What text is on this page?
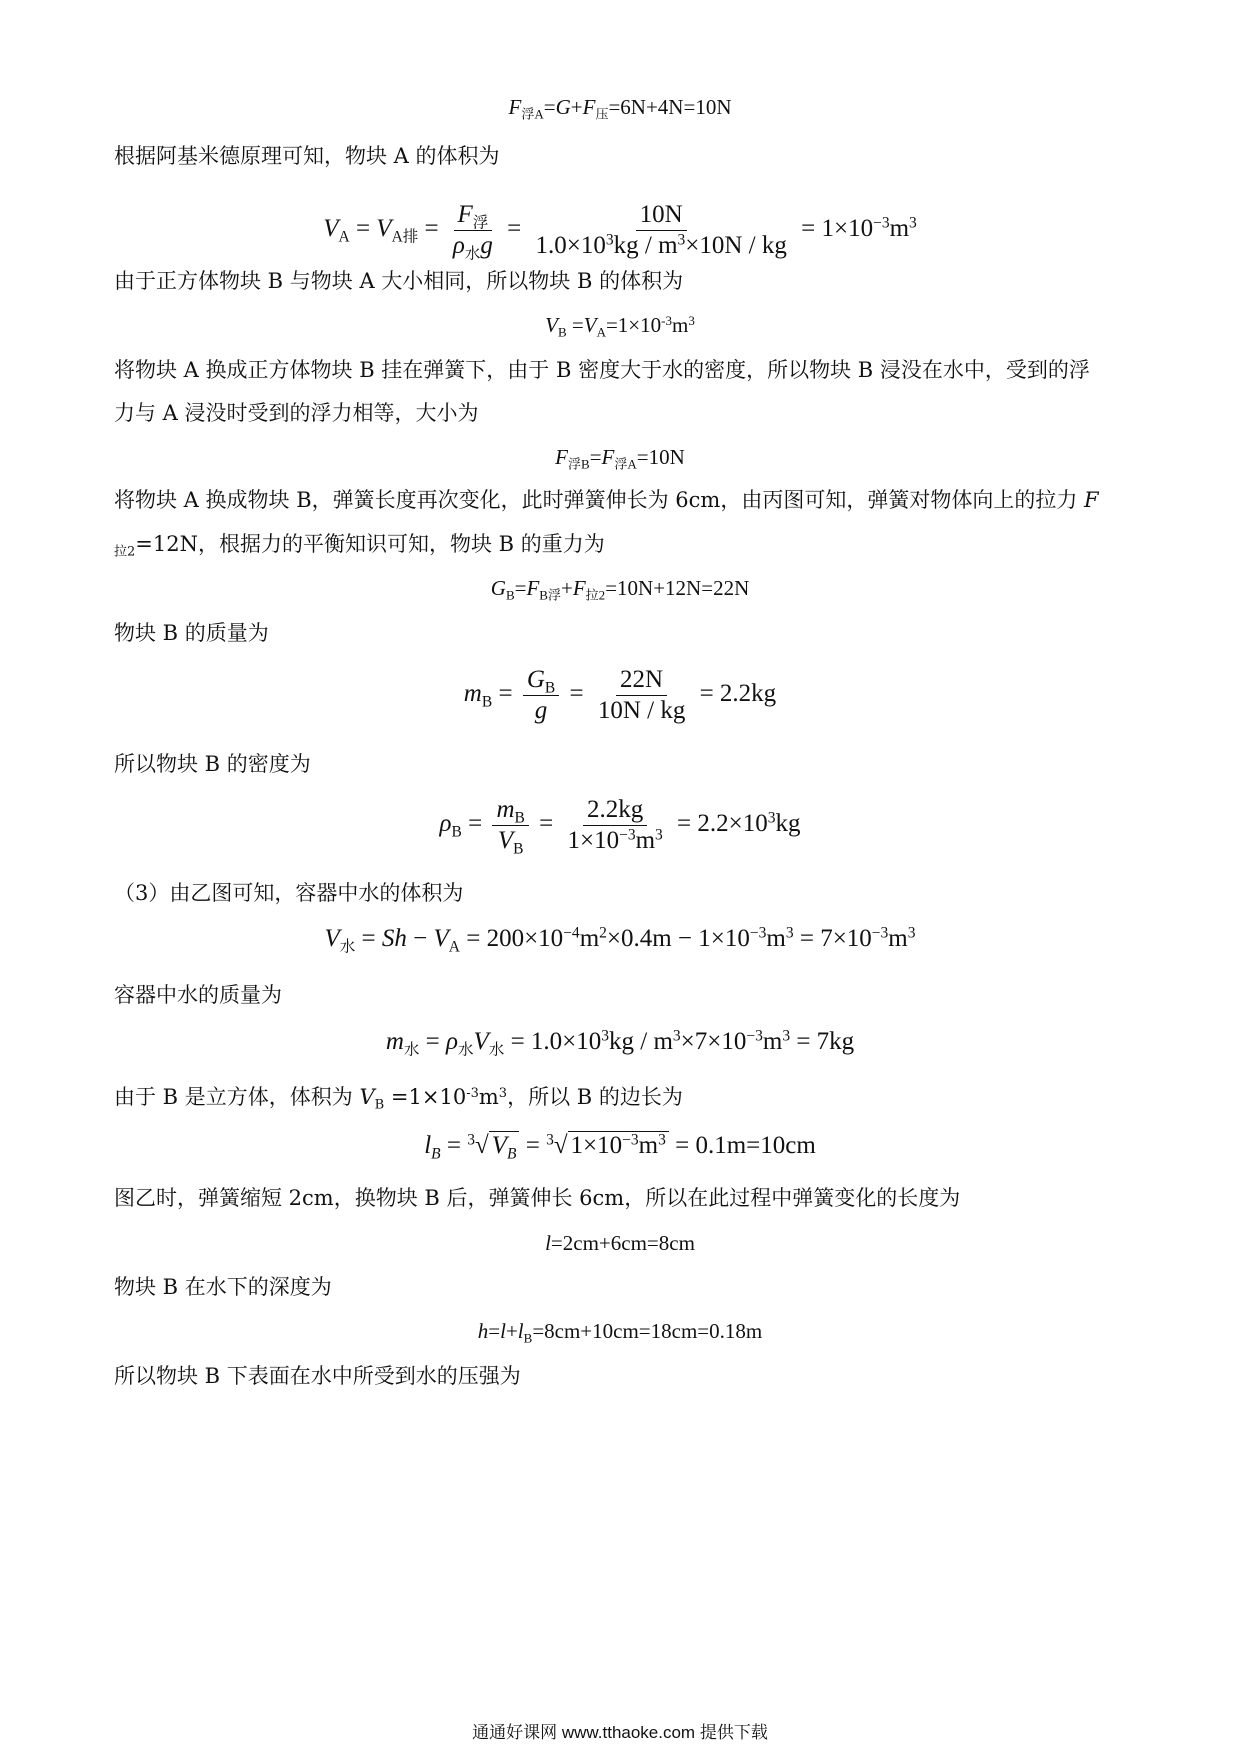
$F_{浮A}=G+F_压=6N+4N=10N$
根据阿基米德原理可知，物块 A 的体积为
$V_A = V_{A排} = \frac{F_浮}{\rho_水g} = \frac{10N}{1.0\times 10^3kg / m^3\times 10N / kg} = 1\times 10^{-3}m^3$
由于正方体物块 B 与物块 A 大小相同，所以物块 B 的体积为
$V_B =V_A=1\times 10^{-3}m^3$
将物块 A 换成正方体物块 B 挂在弹簧下，由于 B 密度大于水的密度，所以物块 B 浸没在水中，受到的浮
力与 A 浸没时受到的浮力相等，大小为
$F_{浮B}=F_{浮A}=10N$
将物块 A 换成物块 B，弹簧长度再次变化，此时弹簧伸长为 6cm，由丙图可知，弹簧对物体向上的拉力 F
$_{拉2}$=12N，根据力的平衡知识可知，物块 B 的重力为
$G_B=F_{B浮}+F_{拉2}=10N+12N=22N$
物块 B 的质量为
$m_B = \frac{G_B}{g} = \frac{22N}{10N / kg} = 2.2kg$
所以物块 B 的密度为
$\rho_B = \frac{m_B}{V_B} = \frac{2.2kg}{1\times 10^{-3}m^3} = 2.2\times 10^3kg$
（3）由乙图可知，容器中水的体积为
$V_水 = Sh - V_A = 200\times 10^{-4}m^2\times 0.4m - 1\times 10^{-3}m^3 = 7\times 10^{-3}m^3$
容器中水的质量为
$m_水 = \rho_水V_水 = 1.0\times 10^3kg / m^3\times 7\times 10^{-3}m^3 = 7kg$
由于 B 是立方体，体积为 $V_B =1\times 10^{-3}m^3$，所以 B 的边长为
$l_B = ^3√$ $V_B = ^3√$ $1\times 10^{-3}m^3 = 0.1m=10cm$
图乙时，弹簧缩短 2cm，换物块 B 后，弹簧伸长 6cm，所以在此过程中弹簧变化的长度为
l=2cm+6cm=8cm
物块 B 在水下的深度为
$h=l+l_B=8cm+10cm=18cm=0.18m$
所以物块 B 下表面在水中所受到水的压强为
通通好课网 www.tthaoke.com 提供下载
